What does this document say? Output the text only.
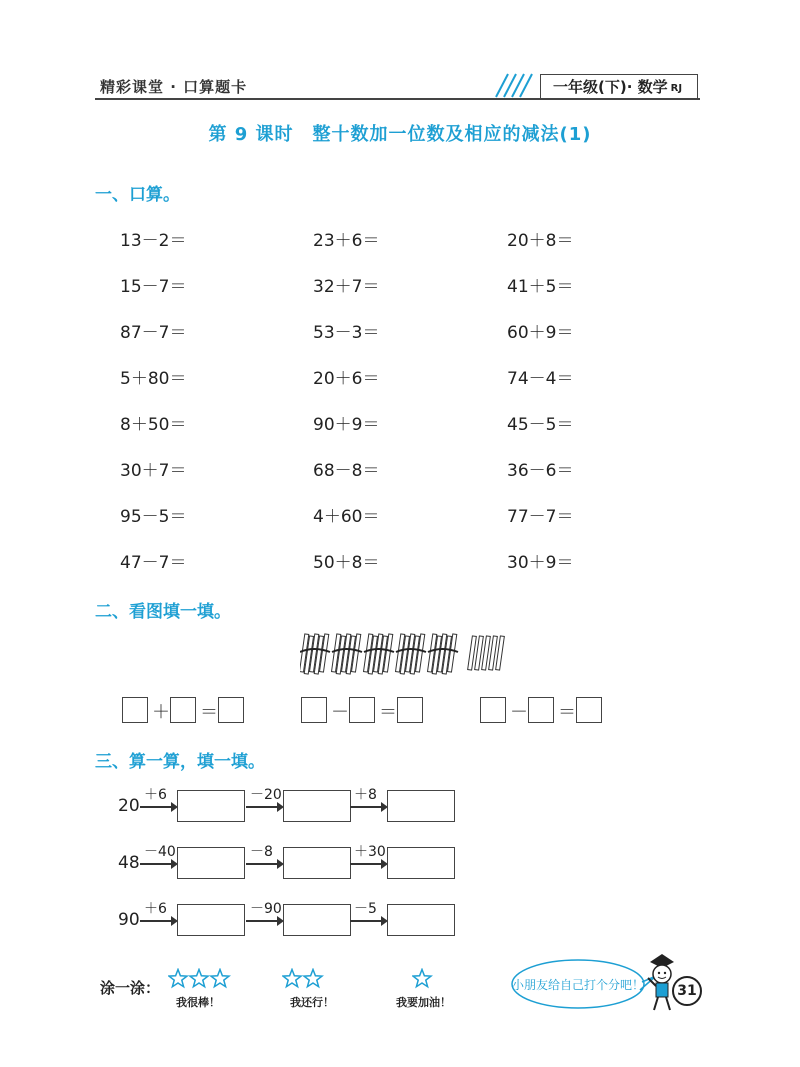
精彩课堂 · 口算题卡	一年级(下)· 数学 RJ
第 9 课时　整十数加一位数及相应的减法(1)
一、口算。
二、看图填一填。
三、算一算，填一填。
涂一涂：	小朋友给自己打个分吧！	31
13－2＝	23＋6＝	20＋8＝
15－7＝	32＋7＝	41＋5＝
87－7＝	53－3＝	60＋9＝
5＋80＝	20＋6＝	74－4＝
8＋50＝	90＋9＝	45－5＝
30＋7＝	68－8＝	36－6＝
95－5＝	4＋60＝	77－7＝
47－7＝	50＋8＝	30＋9＝
＋ ＝	－ ＝	－ ＝
20
＋6	－20	＋8
48
－40	－8	＋30
90
＋6	－90	－5
我很棒！	我还行！	我要加油！
